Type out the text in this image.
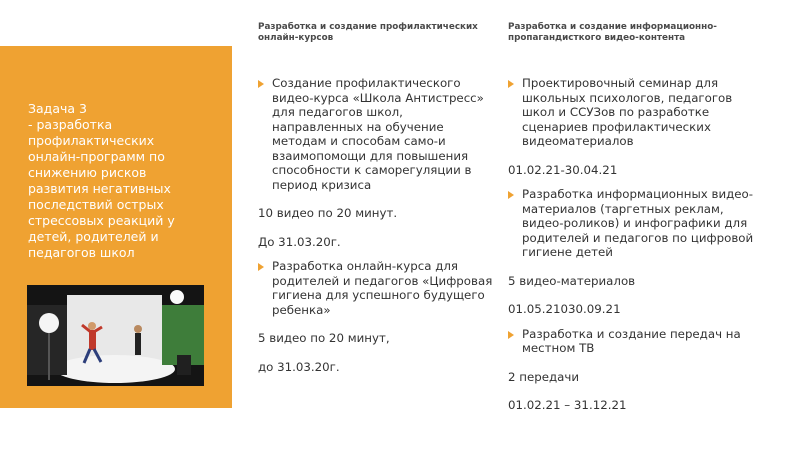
Задача 3
- разработка
профилактических
онлайн-программ по
снижению рисков
развития негативных
последствий острых
стрессовых реакций у
детей, родителей и
педагогов школ
Разработка и создание профилактических онлайн-курсов
Создание профилактического видео-курса «Школа Антистресс» для педагогов школ, направленных на обучение методам и способам само-и взаимопомощи для повышения способности к саморегуляции в период кризиса
10 видео по 20 минут.
До 31.03.20г.
Разработка онлайн-курса для родителей и педагогов «Цифровая гигиена для успешного будущего ребенка»
5 видео по 20 минут,
до 31.03.20г.
Разработка и создание информационно-пропагандисткого видео-контента
Проектировочный семинар для школьных психологов, педагогов школ и ССУЗов по разработке сценариев профилактических видеоматериалов
01.02.21-30.04.21
Разработка информационных видео-материалов (таргетных реклам, видео-роликов) и инфографики для родителей и педагогов по цифровой гигиене детей
5 видео-материалов
01.05.21030.09.21
Разработка и создание передач на местном ТВ
2 передачи
01.02.21 – 31.12.21
